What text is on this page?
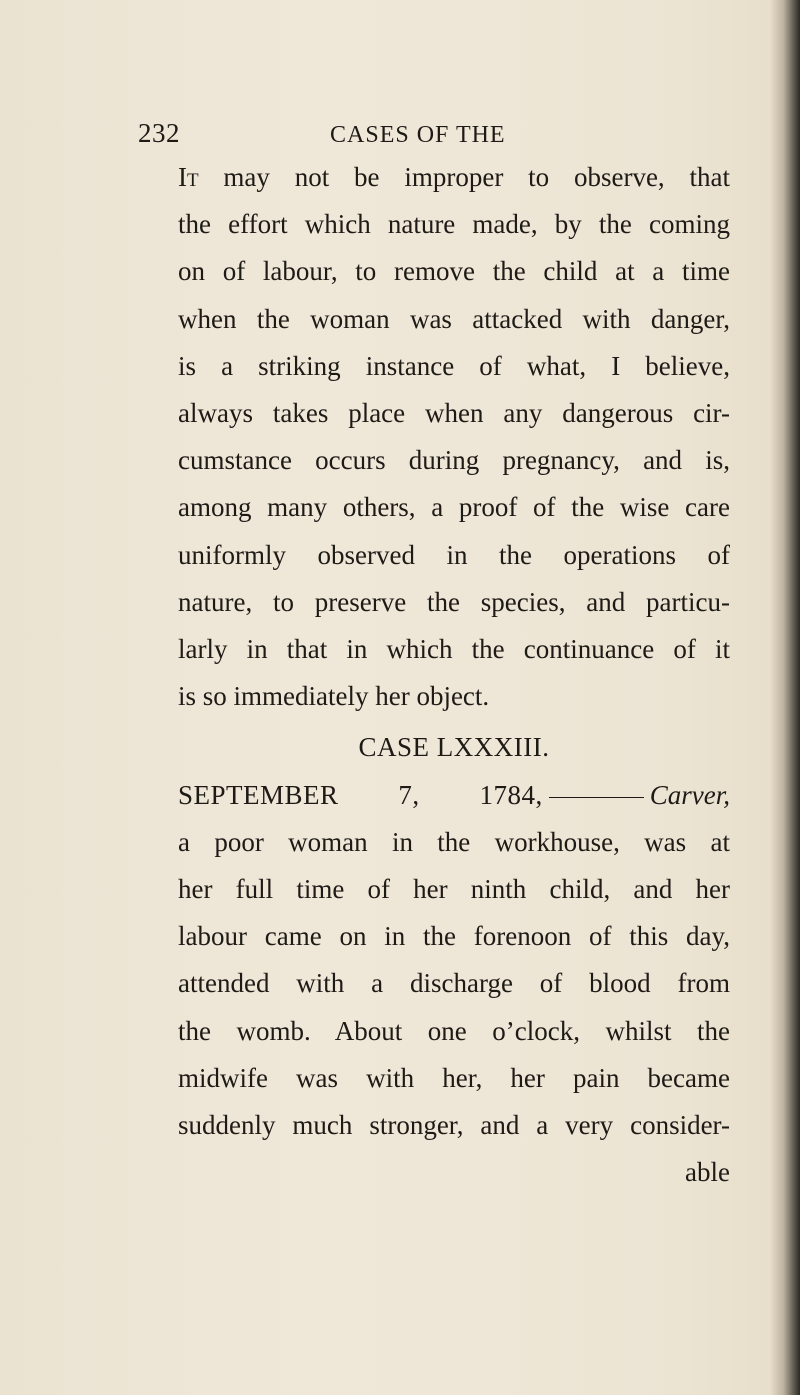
232	CASES OF THE
It may not be improper to observe, that
the effort which nature made, by the coming
on of labour, to remove the child at a time
when the woman was attacked with danger,
is a striking instance of what, I believe,
always takes place when any dangerous cir-
cumstance occurs during pregnancy, and is,
among many others, a proof of the wise care
uniformly observed in the operations of
nature, to preserve the species, and particu-
larly in that in which the continuance of it
is so immediately her object.
CASE LXXXIII.
SEPTEMBER 7, 1784,	Carver,
a poor woman in the workhouse, was at
her full time of her ninth child, and her
labour came on in the forenoon of this day,
attended with a discharge of blood from
the womb. About one o’clock, whilst the
midwife was with her, her pain became
suddenly much stronger, and a very consider-
able
